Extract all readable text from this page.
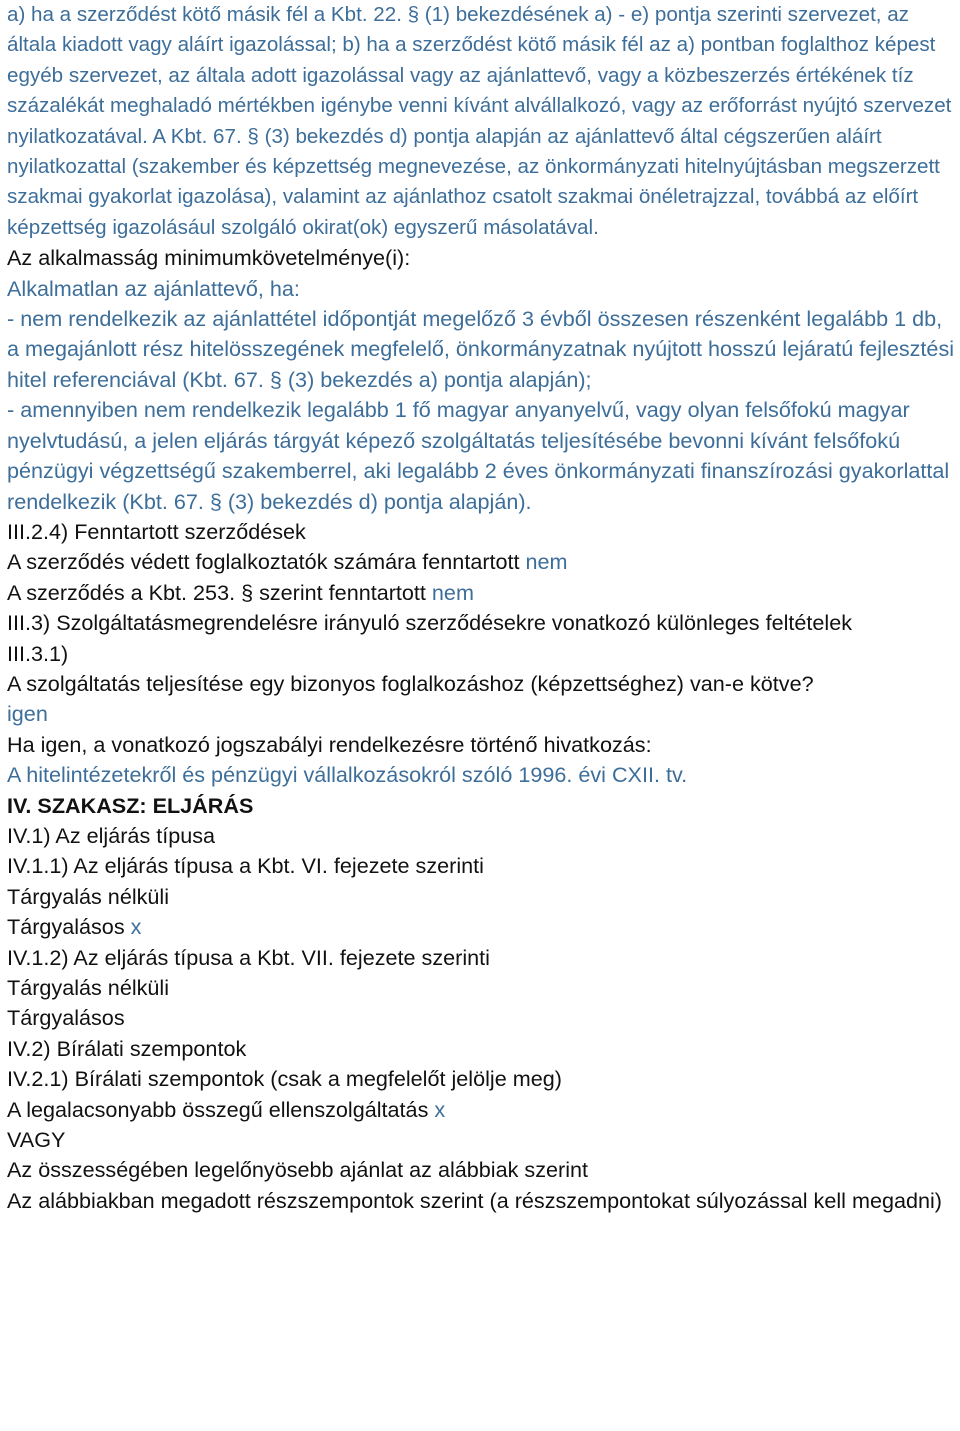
a) ha a szerződést kötő másik fél a Kbt. 22. § (1) bekezdésének a) - e) pontja szerinti szervezet, az általa kiadott vagy aláírt igazolással; b) ha a szerződést kötő másik fél az a) pontban foglalthoz képest egyéb szervezet, az általa adott igazolással vagy az ajánlattevő, vagy a közbeszerzés értékének tíz százalékát meghaladó mértékben igénybe venni kívánt alvállalkozó, vagy az erőforrást nyújtó szervezet nyilatkozatával. A Kbt. 67. § (3) bekezdés d) pontja alapján az ajánlattevő által cégszerűen aláírt nyilatkozattal (szakember és képzettség megnevezése, az önkormányzati hitelnyújtásban megszerzett szakmai gyakorlat igazolása), valamint az ajánlathoz csatolt szakmai önéletrajzzal, továbbá az előírt képzettség igazolásául szolgáló okirat(ok) egyszerű másolatával.

Az alkalmasság minimumkövetelménye(i):

Alkalmatlan az ajánlattevő, ha:

- nem rendelkezik az ajánlattétel időpontját megelőző 3 évből összesen részenként legalább 1 db, a megajánlott rész hitelösszegének megfelelő, önkormányzatnak nyújtott hosszú lejáratú fejlesztési hitel referenciával (Kbt. 67. § (3) bekezdés a) pontja alapján);

- amennyiben nem rendelkezik legalább 1 fő magyar anyanyelvű, vagy olyan felsőfokú magyar nyelvtudású, a jelen eljárás tárgyát képező szolgáltatás teljesítésébe bevonni kívánt felsőfokú pénzügyi végzettségű szakemberrel, aki legalább 2 éves önkormányzati finanszírozási gyakorlattal rendelkezik (Kbt. 67. § (3) bekezdés d) pontja alapján).

III.2.4) Fenntartott szerződések

A szerződés védett foglalkoztatók számára fenntartott nem

A szerződés a Kbt. 253. § szerint fenntartott nem

III.3) Szolgáltatásmegrendelésre irányuló szerződésekre vonatkozó különleges feltételek

III.3.1)

A szolgáltatás teljesítése egy bizonyos foglalkozáshoz (képzettséghez) van-e kötve?

igen

Ha igen, a vonatkozó jogszabályi rendelkezésre történő hivatkozás:

A hitelintézetekről és pénzügyi vállalkozásokról szóló 1996. évi CXII. tv.

IV. SZAKASZ: ELJÁRÁS

IV.1) Az eljárás típusa

IV.1.1) Az eljárás típusa a Kbt. VI. fejezete szerinti

Tárgyalás nélküli

Tárgyalásos x

IV.1.2) Az eljárás típusa a Kbt. VII. fejezete szerinti

Tárgyalás nélküli

Tárgyalásos

IV.2) Bírálati szempontok

IV.2.1) Bírálati szempontok (csak a megfelelőt jelölje meg)

A legalacsonyabb összegű ellenszolgáltatás x

VAGY

Az összességében legelőnyösebb ajánlat az alábbiak szerint

Az alábbiakban megadott részszempontok szerint (a részszempontokat súlyozással kell megadni)
